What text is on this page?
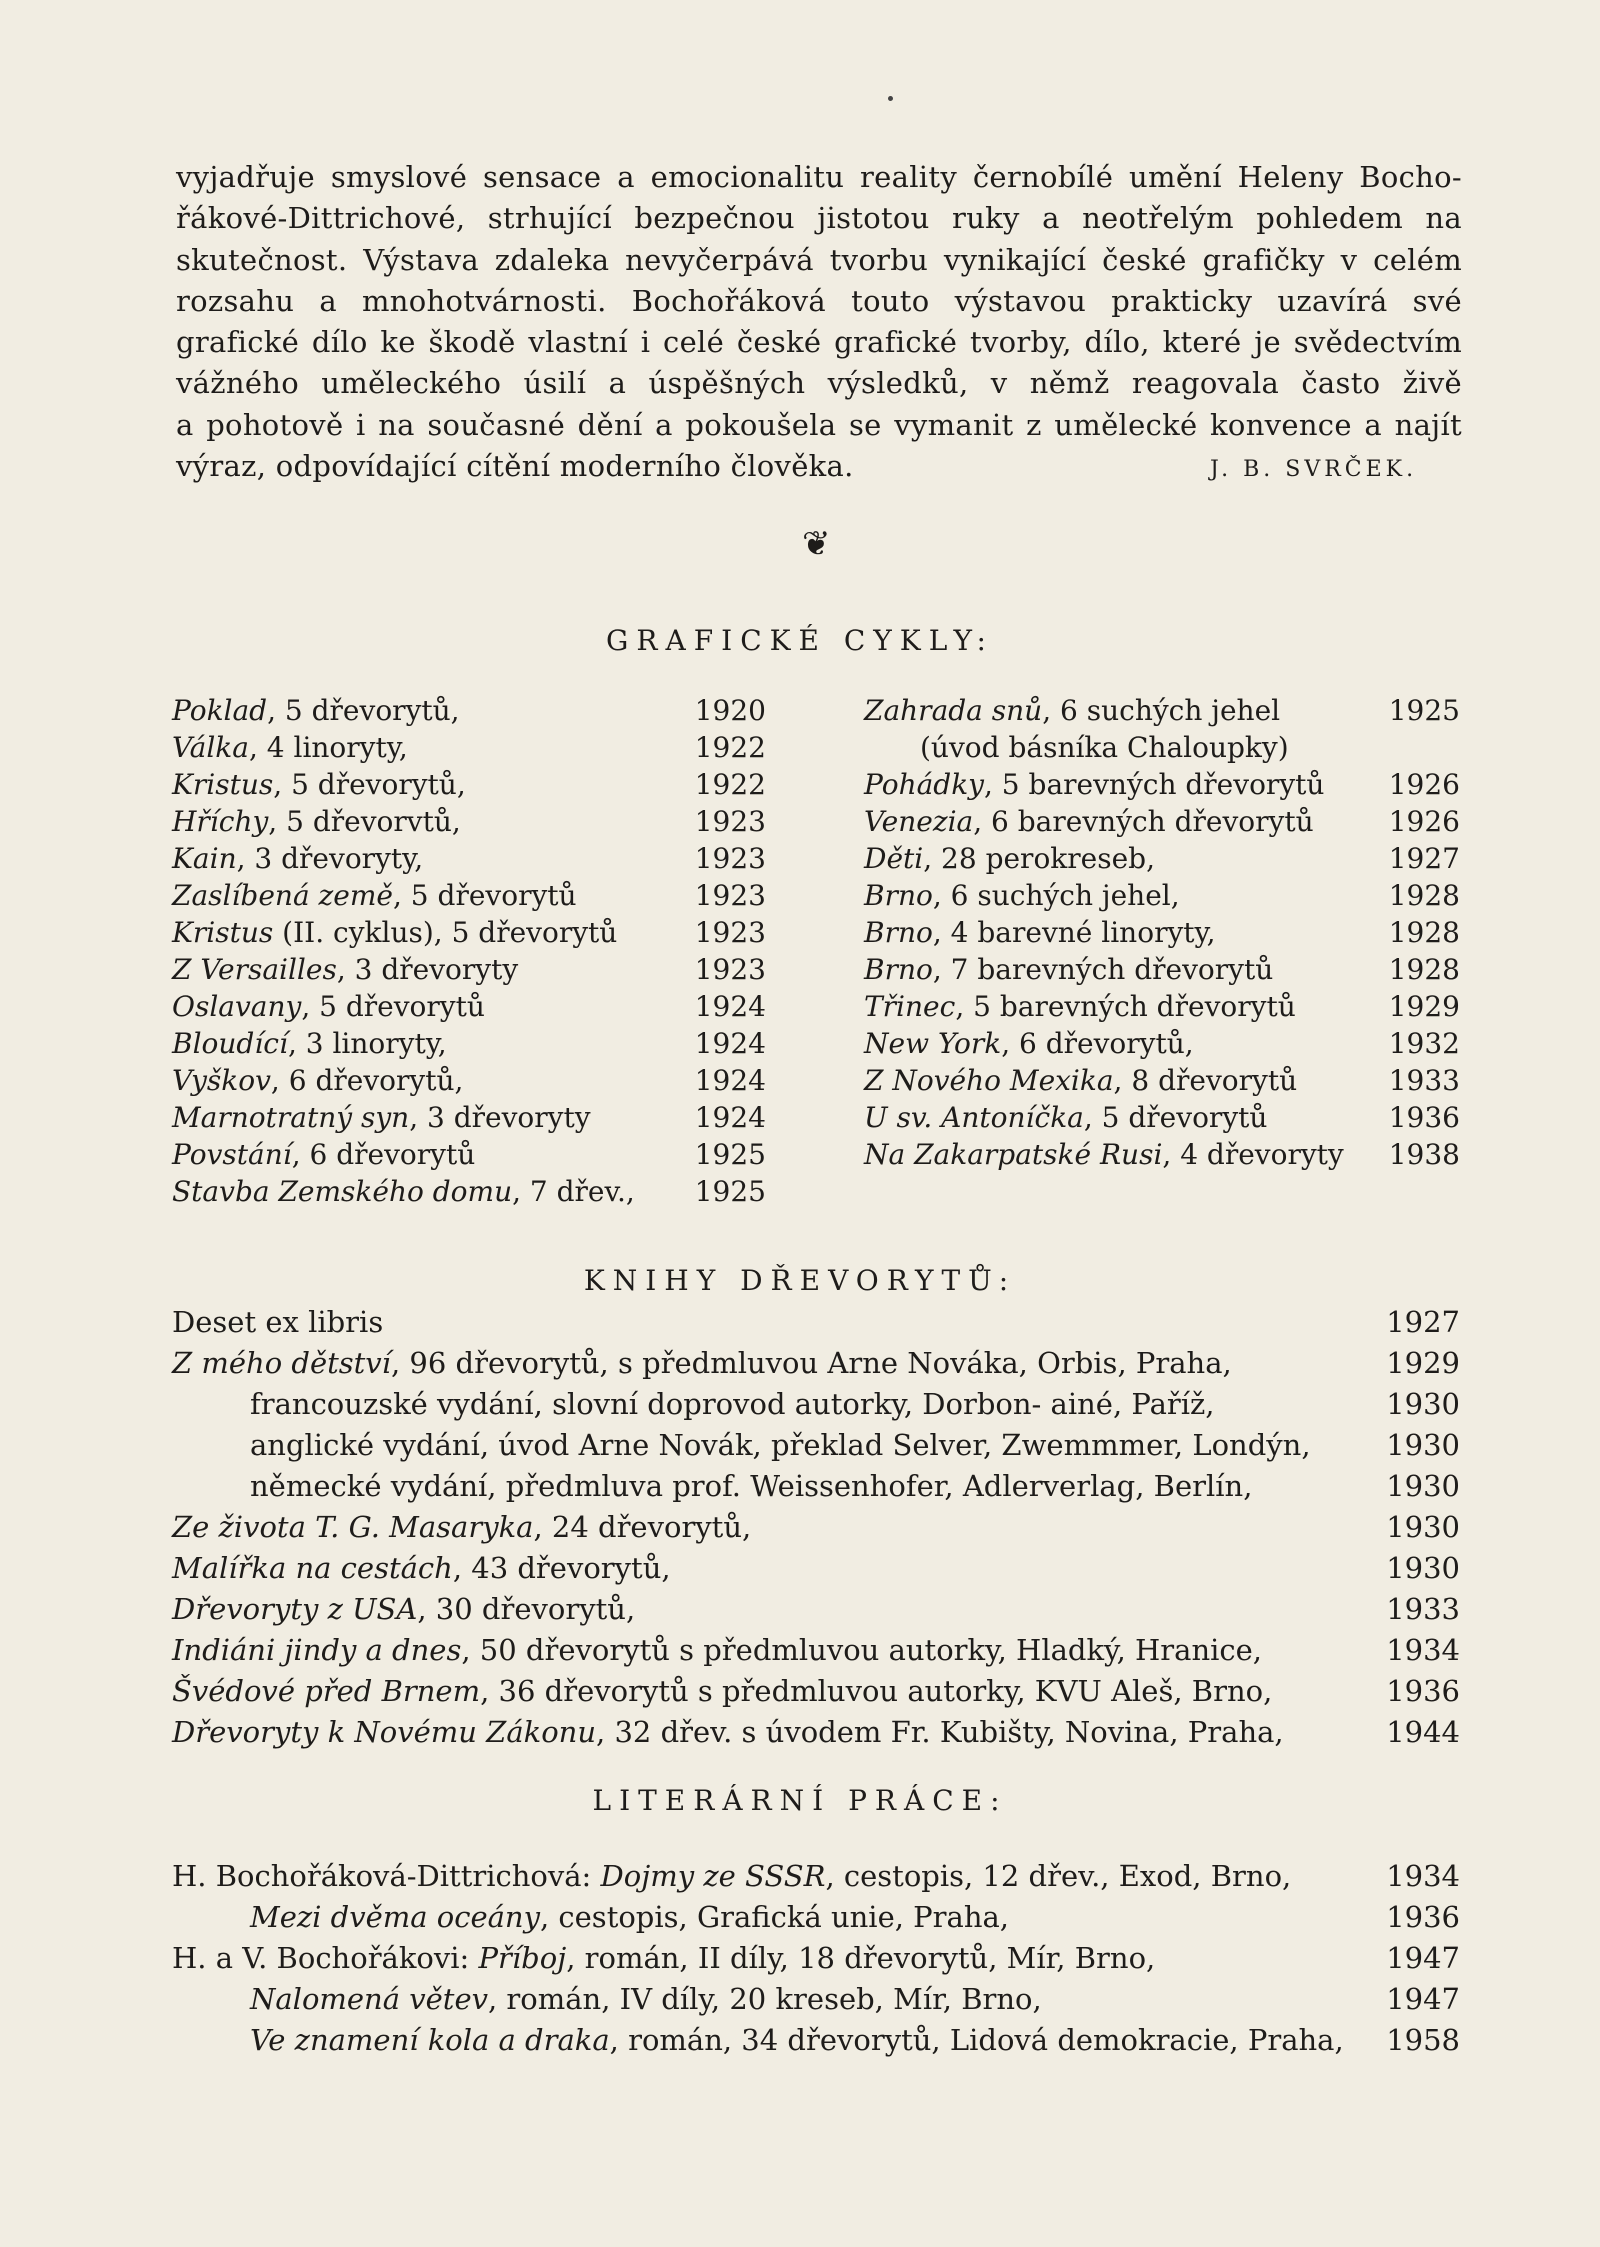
vyjadřuje smyslové sensace a emocionalitu reality černobílé umění Heleny Bocho-
řákové-Dittrichové, strhující bezpečnou jistotou ruky a neotřelým pohledem na
skutečnost. Výstava zdaleka nevyčerpává tvorbu vynikající české grafičky v celém
rozsahu a mnohotvárnosti. Bochořáková touto výstavou prakticky uzavírá své
grafické dílo ke škodě vlastní i celé české grafické tvorby, dílo, které je svědectvím
vážného uměleckého úsilí a úspěšných výsledků, v němž reagovala často živě
a pohotově i na současné dění a pokoušela se vymanit z umělecké konvence a najít
výraz, odpovídající cítění moderního člověka.	J. B. SVRČEK.
❦
GRAFICKÉ CYKLY:
Poklad, 5 dřevorytů,	1920
Válka, 4 linoryty,	1922
Kristus, 5 dřevorytů,	1922
Hříchy, 5 dřevorvtů,	1923
Kain, 3 dřevoryty,	1923
Zaslíbená země, 5 dřevorytů	1923
Kristus (II. cyklus), 5 dřevorytů	1923
Z Versailles, 3 dřevoryty	1923
Oslavany, 5 dřevorytů	1924
Bloudící, 3 linoryty,	1924
Vyškov, 6 dřevorytů,	1924
Marnotratný syn, 3 dřevoryty	1924
Povstání, 6 dřevorytů	1925
Stavba Zemského domu, 7 dřev., 1925
Zahrada snů, 6 suchých jehel	1925
(úvod básníka Chaloupky)
Pohádky, 5 barevných dřevorytů 1926
Venezia, 6 barevných dřevorytů	1926
Děti, 28 perokreseb,	1927
Brno, 6 suchých jehel,	1928
Brno, 4 barevné linoryty,	1928
Brno, 7 barevných dřevorytů	1928
Třinec, 5 barevných dřevorytů	1929
New York, 6 dřevorytů,	1932
Z Nového Mexika, 8 dřevorytů	1933
U sv. Antoníčka, 5 dřevorytů	1936
Na Zakarpatské Rusi, 4 dřevoryty 1938
KNIHY DŘEVORYTŮ:
Deset ex libris	1927
Z mého dětství, 96 dřevorytů, s předmluvou Arne Nováka, Orbis, Praha,	1929
francouzské vydání, slovní doprovod autorky, Dorbon- ainé, Paříž,	1930
anglické vydání, úvod Arne Novák, překlad Selver, Zwemmmer, Londýn,	1930
německé vydání, předmluva prof. Weissenhofer, Adlerverlag, Berlín,	1930
Ze života T. G. Masaryka, 24 dřevorytů,	1930
Malířka na cestách, 43 dřevorytů,	1930
Dřevoryty z USA, 30 dřevorytů,	1933
Indiáni jindy a dnes, 50 dřevorytů s předmluvou autorky, Hladký, Hranice,	1934
Švédové před Brnem, 36 dřevorytů s předmluvou autorky, KVU Aleš, Brno,	1936
Dřevoryty k Novému Zákonu, 32 dřev. s úvodem Fr. Kubišty, Novina, Praha,	1944
LITERÁRNÍ PRÁCE:
H. Bochořáková-Dittrichová: Dojmy ze SSSR, cestopis, 12 dřev., Exod, Brno,	1934
Mezi dvěma oceány, cestopis, Grafická unie, Praha,	1936
H. a V. Bochořákovi: Příboj, román, II díly, 18 dřevorytů, Mír, Brno,	1947
Nalomená větev, román, IV díly, 20 kreseb, Mír, Brno,	1947
Ve znamení kola a draka, román, 34 dřevorytů, Lidová demokracie, Praha, 1958
